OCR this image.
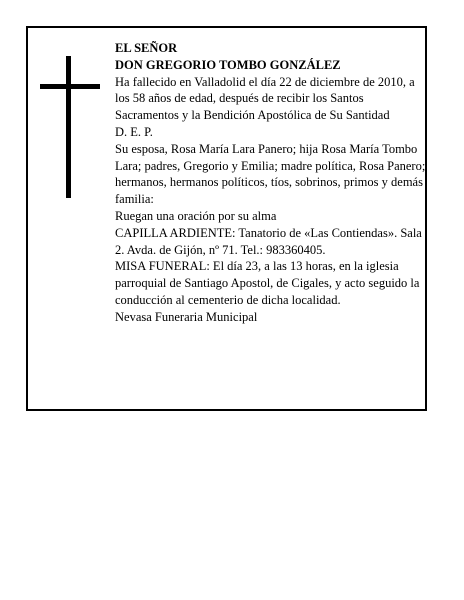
EL SEÑOR

DON GREGORIO TOMBO GONZÁLEZ

Ha fallecido en Valladolid el día 22 de diciembre de 2010, a los 58 años de edad, después de recibir los Santos Sacramentos y la Bendición Apostólica de Su Santidad

D. E. P.

Su esposa, Rosa María Lara Panero; hija Rosa María Tombo Lara; padres, Gregorio y Emilia; madre política, Rosa Panero; hermanos, hermanos políticos, tíos, sobrinos, primos y demás familia:

Ruegan una oración por su alma

CAPILLA ARDIENTE: Tanatorio de «Las Contiendas». Sala 2. Avda. de Gijón, nº 71. Tel.: 983360405.

MISA FUNERAL: El día 23, a las 13 horas, en la iglesia parroquial de Santiago Apostol, de Cigales, y acto seguido la conducción al cementerio de dicha localidad.

Nevasa Funeraria Municipal
